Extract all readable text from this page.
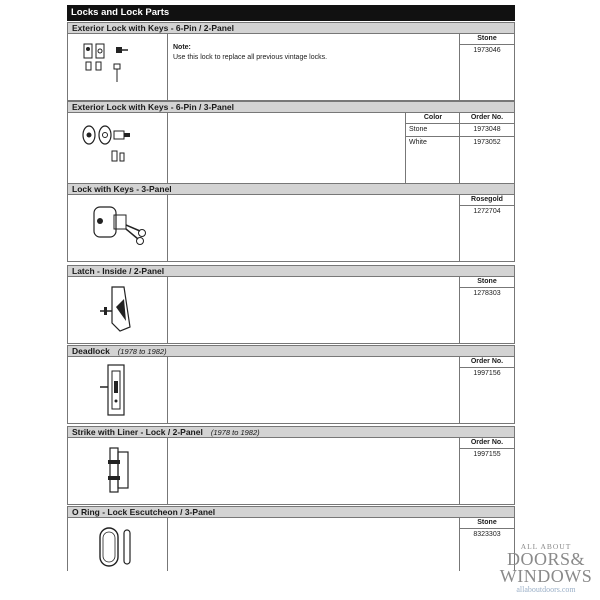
Locks and Lock Parts
Exterior Lock with Keys - 6-Pin / 2-Panel
Note:
Use this lock to replace all previous vintage locks.
Stone
1973046
Exterior Lock with Keys - 6-Pin / 3-Panel
Color
Stone
White
Order No.
1973048
1973052
Lock with Keys - 3-Panel
Rosegold
1272704
Latch - Inside / 2-Panel
Stone
1278303
Deadlock (1978 to 1982)
Order No.
1997156
Strike with Liner - Lock / 2-Panel (1978 to 1982)
Order No.
1997155
O Ring - Lock Escutcheon / 3-Panel
Stone
8323303
ALL ABOUT
DOORS&
WINDOWS
allaboutdoors.com
